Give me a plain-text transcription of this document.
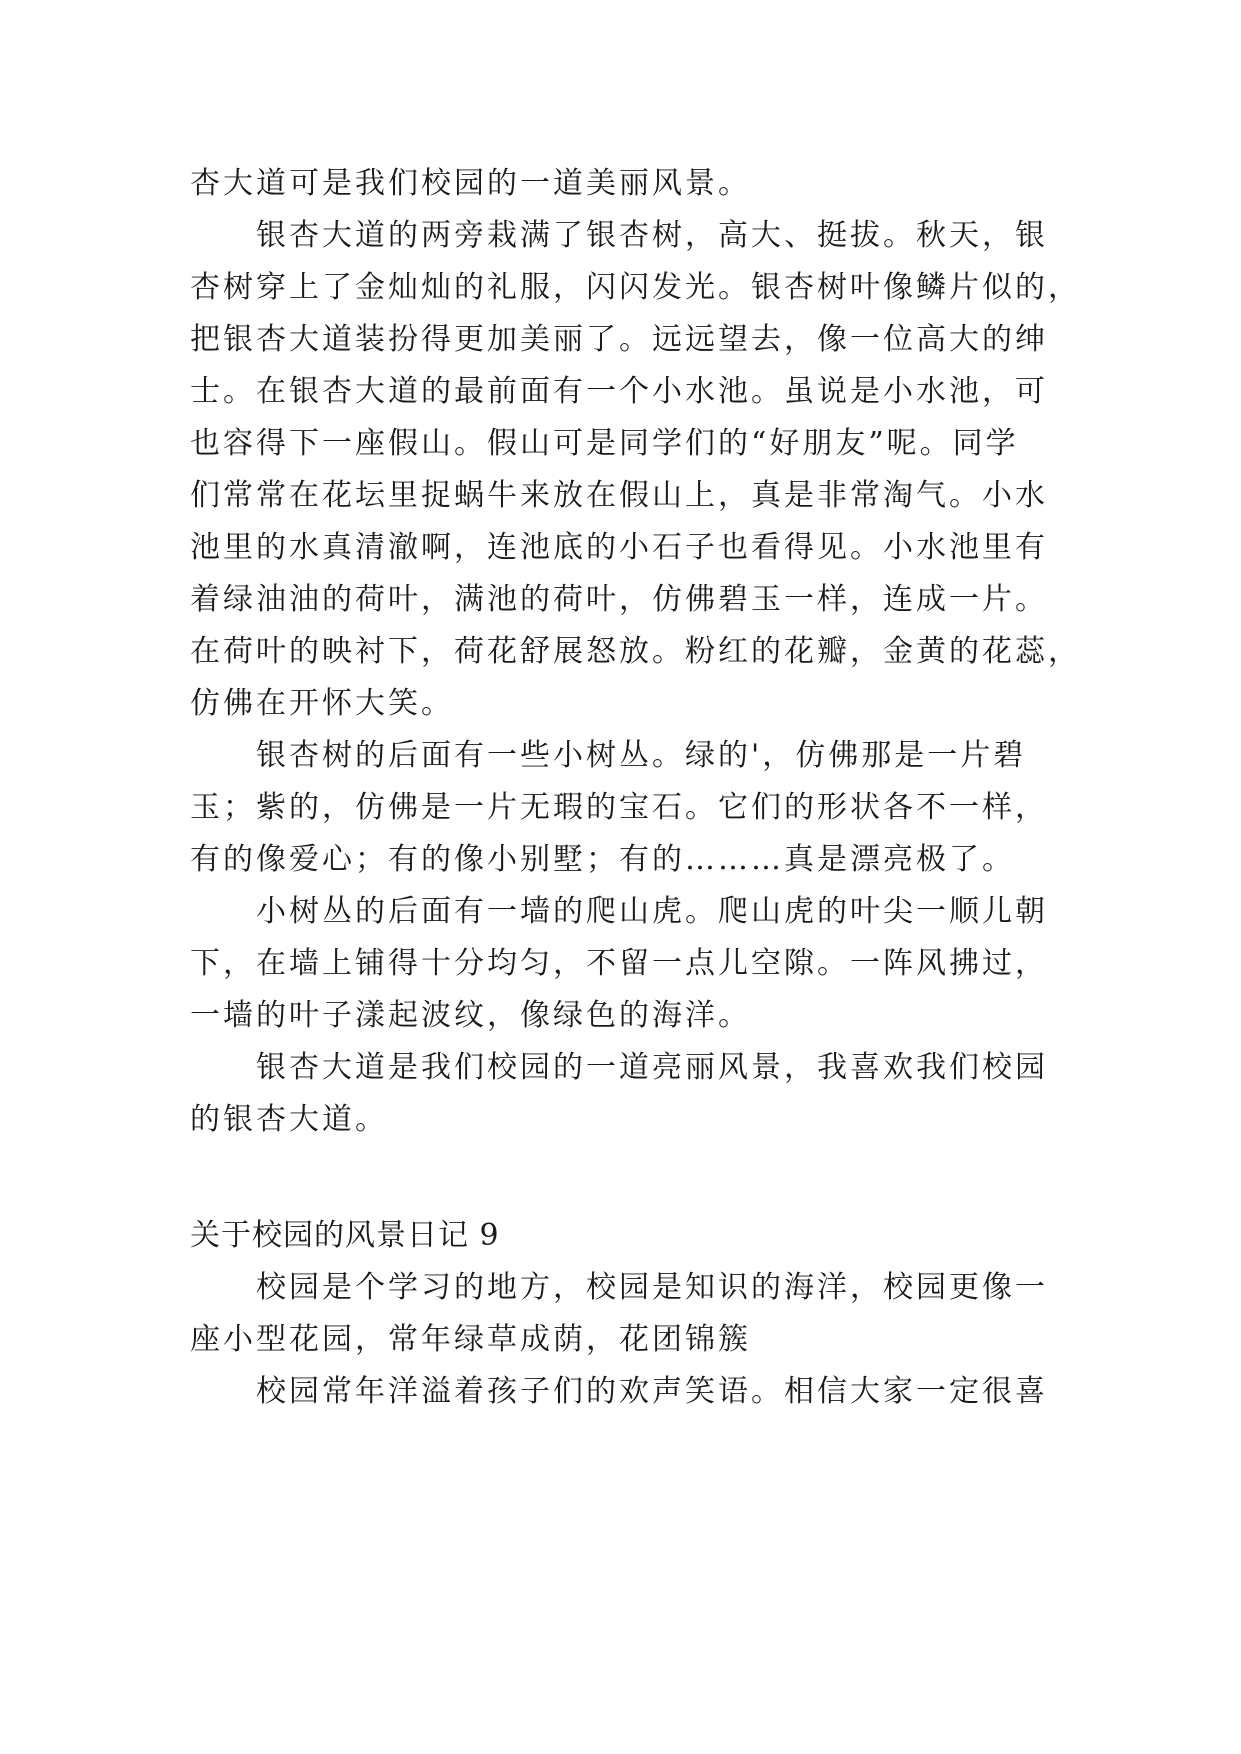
杏大道可是我们校园的一道美丽风景。
银杏大道的两旁栽满了银杏树，高大、挺拔。秋天，银
杏树穿上了金灿灿的礼服，闪闪发光。银杏树叶像鳞片似的，
把银杏大道装扮得更加美丽了。远远望去，像一位高大的绅
士。在银杏大道的最前面有一个小水池。虽说是小水池，可
也容得下一座假山。假山可是同学们的“好朋友”呢。同学
们常常在花坛里捉蜗牛来放在假山上，真是非常淘气。小水
池里的水真清澈啊，连池底的小石子也看得见。小水池里有
着绿油油的荷叶，满池的荷叶，仿佛碧玉一样，连成一片。
在荷叶的映衬下，荷花舒展怒放。粉红的花瓣，金黄的花蕊，
仿佛在开怀大笑。
银杏树的后面有一些小树丛。绿的'，仿佛那是一片碧
玉；紫的，仿佛是一片无瑕的宝石。它们的形状各不一样，
有的像爱心；有的像小别墅；有的………真是漂亮极了。
小树丛的后面有一墙的爬山虎。爬山虎的叶尖一顺儿朝
下，在墙上铺得十分均匀，不留一点儿空隙。一阵风拂过，
一墙的叶子漾起波纹，像绿色的海洋。
银杏大道是我们校园的一道亮丽风景，我喜欢我们校园
的银杏大道。
关于校园的风景日记 9
校园是个学习的地方，校园是知识的海洋，校园更像一
座小型花园，常年绿草成荫，花团锦簇
校园常年洋溢着孩子们的欢声笑语。相信大家一定很喜
